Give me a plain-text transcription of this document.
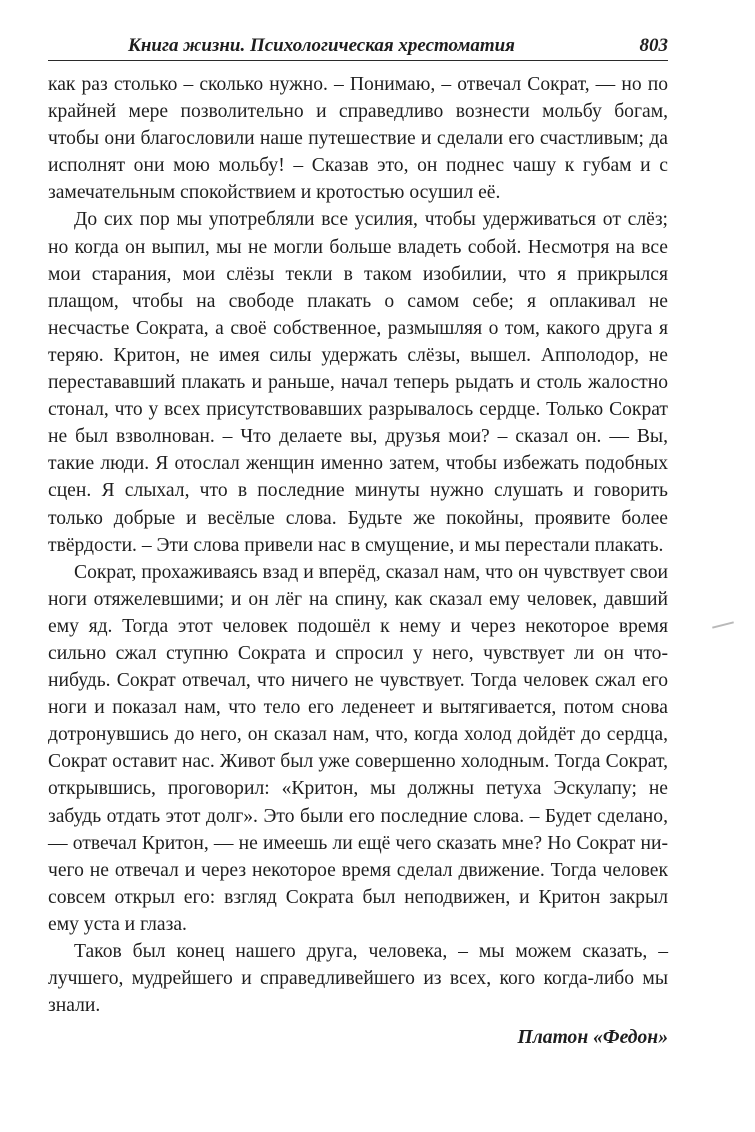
Книга жизни. Психологическая хрестоматия	803

как раз столько – сколько нужно. – Понимаю, – отвечал Сократ, — но по крайней мере позволительно и справедливо вознести мольбу богам, чтобы они благословили наше путешествие и сделали его счастливым; да исполнят они мою мольбу! – Сказав это, он поднес чашу к губам и с замечательным спокойствием и кротостью осушил её.

До сих пор мы употребляли все усилия, чтобы удерживаться от слёз; но когда он выпил, мы не могли больше владеть собой. Несмотря на все мои старания, мои слёзы текли в таком изобилии, что я прикрылся плащом, чтобы на свободе плакать о самом себе; я оплакивал не несчастье Сократа, а своё собственное, размышляя о том, какого друга я теряю. Критон, не имея силы удержать слёзы, вышел. Апполодор, не перестававший плакать и раньше, начал теперь рыдать и столь жалостно стонал, что у всех присутствовавших разрывалось сердце. Только Сократ не был взволнован. – Что делаете вы, друзья мои? – сказал он. — Вы, такие люди. Я отослал женщин именно затем, чтобы избежать подобных сцен. Я слыхал, что в последние минуты нужно слушать и говорить только добрые и весёлые слова. Будьте же покойны, проявите более твёрдости. – Эти слова привели нас в смущение, и мы перестали плакать.

Сократ, прохаживаясь взад и вперёд, сказал нам, что он чувствует свои ноги отяжелевшими; и он лёг на спину, как сказал ему человек, давший ему яд. Тогда этот человек подошёл к нему и через некоторое время сильно сжал ступню Сократа и спросил у него, чувствует ли он что-нибудь. Сократ отвечал, что ничего не чувствует. Тогда человек сжал его ноги и показал нам, что тело его леденеет и вытягивается, потом снова дотронувшись до него, он сказал нам, что, когда холод дойдёт до сердца, Сократ оставит нас. Живот был уже совершенно холодным. Тогда Сократ, открывшись, проговорил: «Критон, мы должны петуха Эскулапу; не забудь отдать этот долг». Это были его последние слова. – Будет сделано, — отвечал Критон, — не имеешь ли ещё чего сказать мне? Но Сократ ничего не отвечал и через некоторое время сделал движение. Тогда человек совсем открыл его: взгляд Сократа был неподвижен, и Критон закрыл ему уста и глаза.

Таков был конец нашего друга, человека, – мы можем сказать, – лучшего, мудрейшего и справедливейшего из всех, кого когда-либо мы знали.

Платон «Федон»
